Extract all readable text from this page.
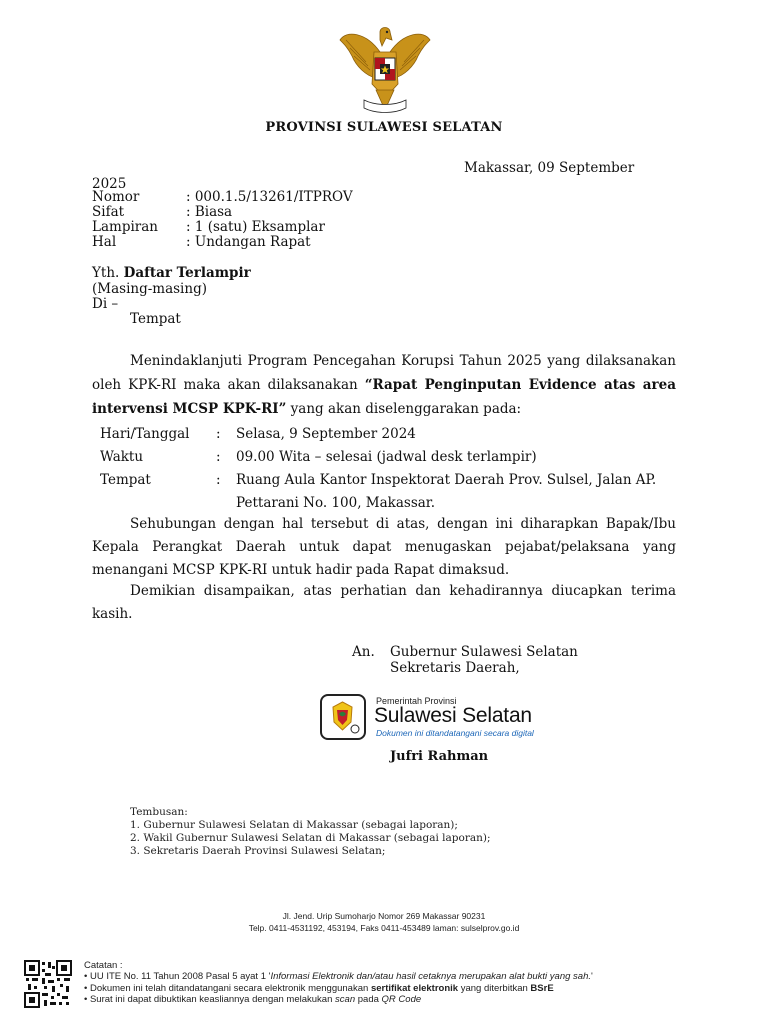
PROVINSI SULAWESI SELATAN
Makassar, 09 September
2025
Nomor	: 000.1.5/13261/ITPROV
Sifat	: Biasa
Lampiran : 1 (satu) Eksamplar
Hal	: Undangan Rapat
Yth. Daftar Terlampir
(Masing-masing)
Di –
Tempat
Menindaklanjuti Program Pencegahan Korupsi Tahun 2025 yang dilaksanakan
oleh KPK-RI maka akan dilaksanakan “Rapat Penginputan Evidence atas area
intervensi MCSP KPK-RI” yang akan diselenggarakan pada:
Hari/Tanggal : Selasa, 9 September 2024
Waktu	: 09.00 Wita – selesai (jadwal desk terlampir)
Tempat	: Ruang Aula Kantor Inspektorat Daerah Prov. Sulsel, Jalan AP.
Pettarani No. 100, Makassar.
Sehubungan dengan hal tersebut di atas, dengan ini diharapkan Bapak/Ibu
Kepala Perangkat Daerah untuk dapat menugaskan pejabat/pelaksana yang
menangani MCSP KPK-RI untuk hadir pada Rapat dimaksud.
Demikian disampaikan, atas perhatian dan kehadirannya diucapkan terima
kasih.
An. Gubernur Sulawesi Selatan
Sekretaris Daerah,
Pemerintah Provinsi
Sulawesi Selatan
Dokumen ini ditandatangani secara digital
Jufri Rahman
Tembusan:
1. Gubernur Sulawesi Selatan di Makassar (sebagai laporan);
2. Wakil Gubernur Sulawesi Selatan di Makassar (sebagai laporan);
3. Sekretaris Daerah Provinsi Sulawesi Selatan;
Jl. Jend. Urip Sumoharjo Nomor 269 Makassar 90231
Telp. 0411-4531192, 453194, Faks 0411-453489 laman: sulselprov.go.id
Catatan :
• UU ITE No. 11 Tahun 2008 Pasal 5 ayat 1 'Informasi Elektronik dan/atau hasil cetaknya merupakan alat bukti yang sah.'
• Dokumen ini telah ditandatangani secara elektronik menggunakan sertifikat elektronik yang diterbitkan BSrE
• Surat ini dapat dibuktikan keasliannya dengan melakukan scan pada QR Code
